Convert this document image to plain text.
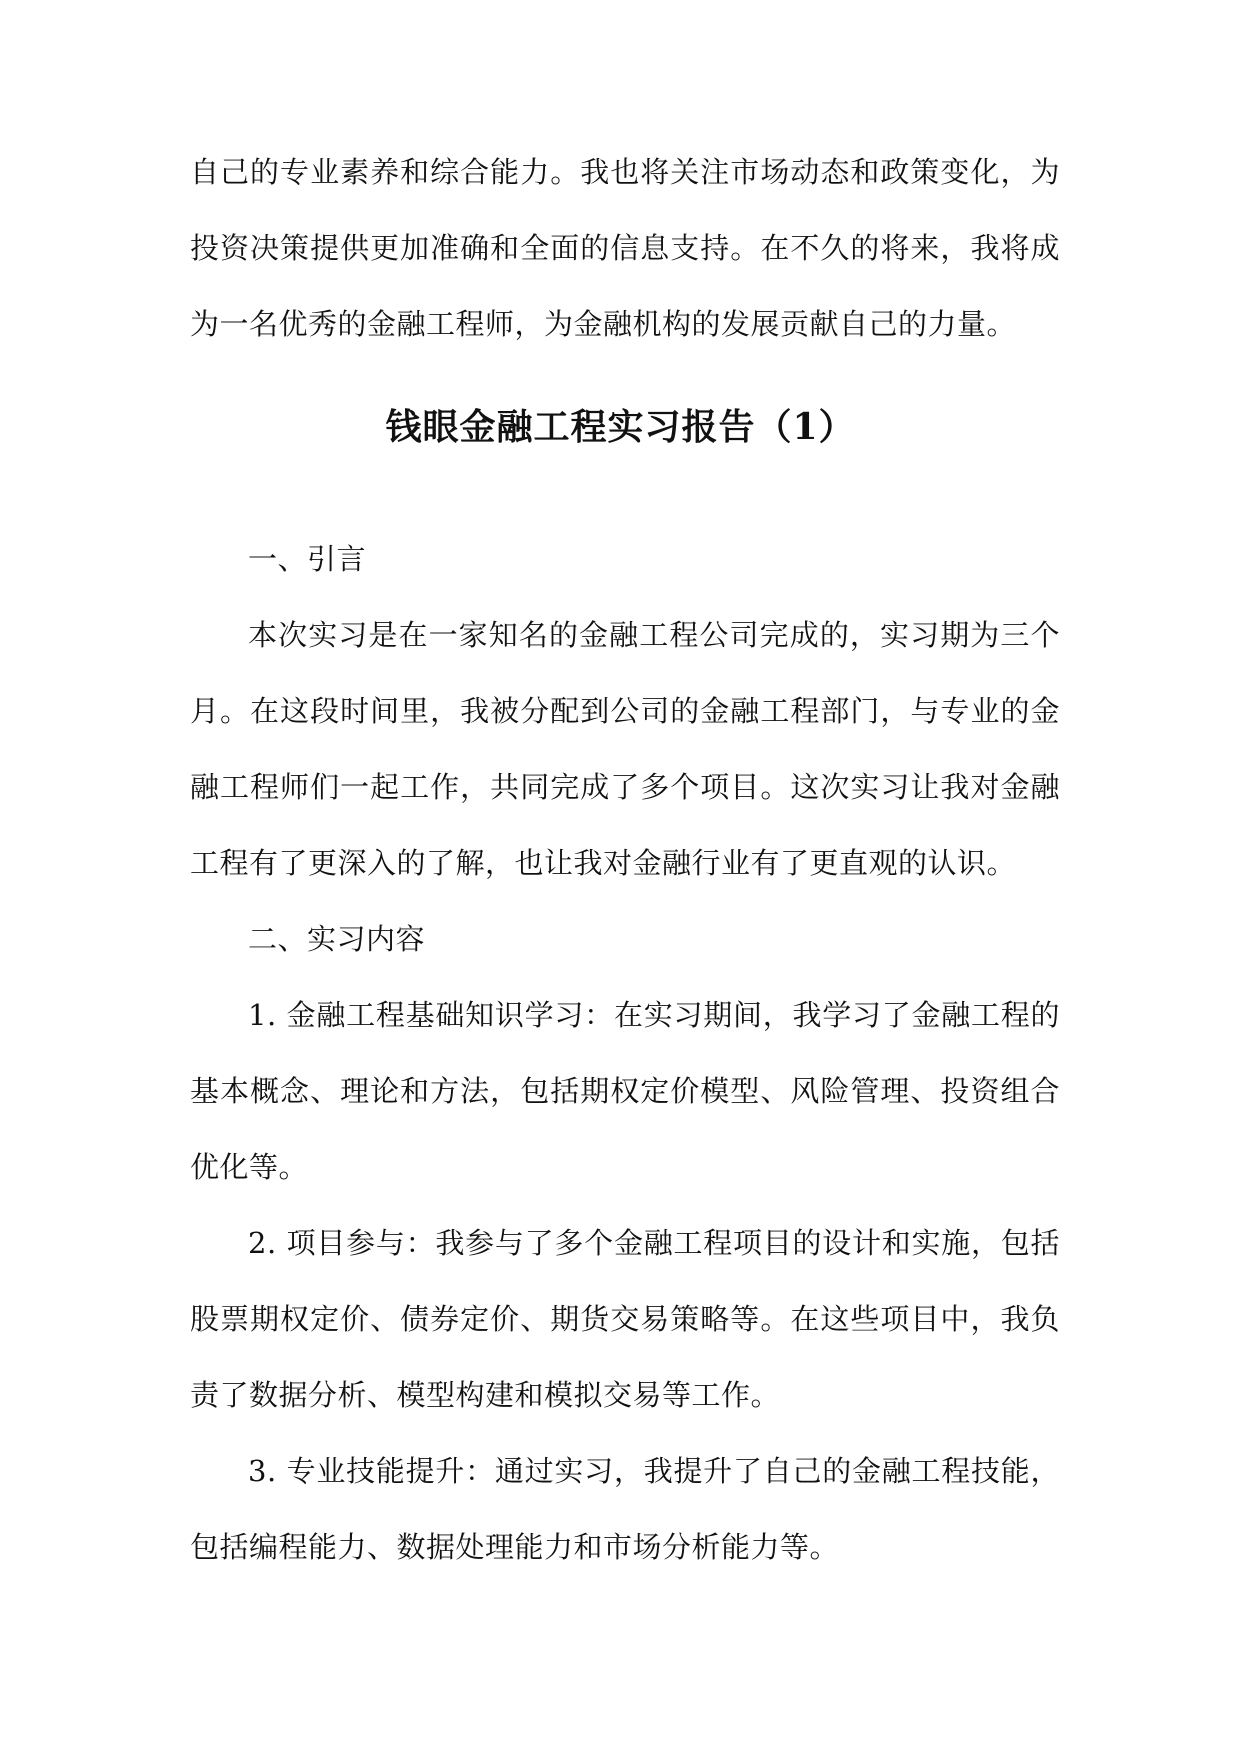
自己的专业素养和综合能力。我也将关注市场动态和政策变化，为投资决策提供更加准确和全面的信息支持。在不久的将来，我将成为一名优秀的金融工程师，为金融机构的发展贡献自己的力量。

钱眼金融工程实习报告（1）

一、引言

本次实习是在一家知名的金融工程公司完成的，实习期为三个月。在这段时间里，我被分配到公司的金融工程部门，与专业的金融工程师们一起工作，共同完成了多个项目。这次实习让我对金融工程有了更深入的了解，也让我对金融行业有了更直观的认识。

二、实习内容

1. 金融工程基础知识学习：在实习期间，我学习了金融工程的基本概念、理论和方法，包括期权定价模型、风险管理、投资组合优化等。

2. 项目参与：我参与了多个金融工程项目的设计和实施，包括股票期权定价、债券定价、期货交易策略等。在这些项目中，我负责了数据分析、模型构建和模拟交易等工作。

3. 专业技能提升：通过实习，我提升了自己的金融工程技能，包括编程能力、数据处理能力和市场分析能力等。
